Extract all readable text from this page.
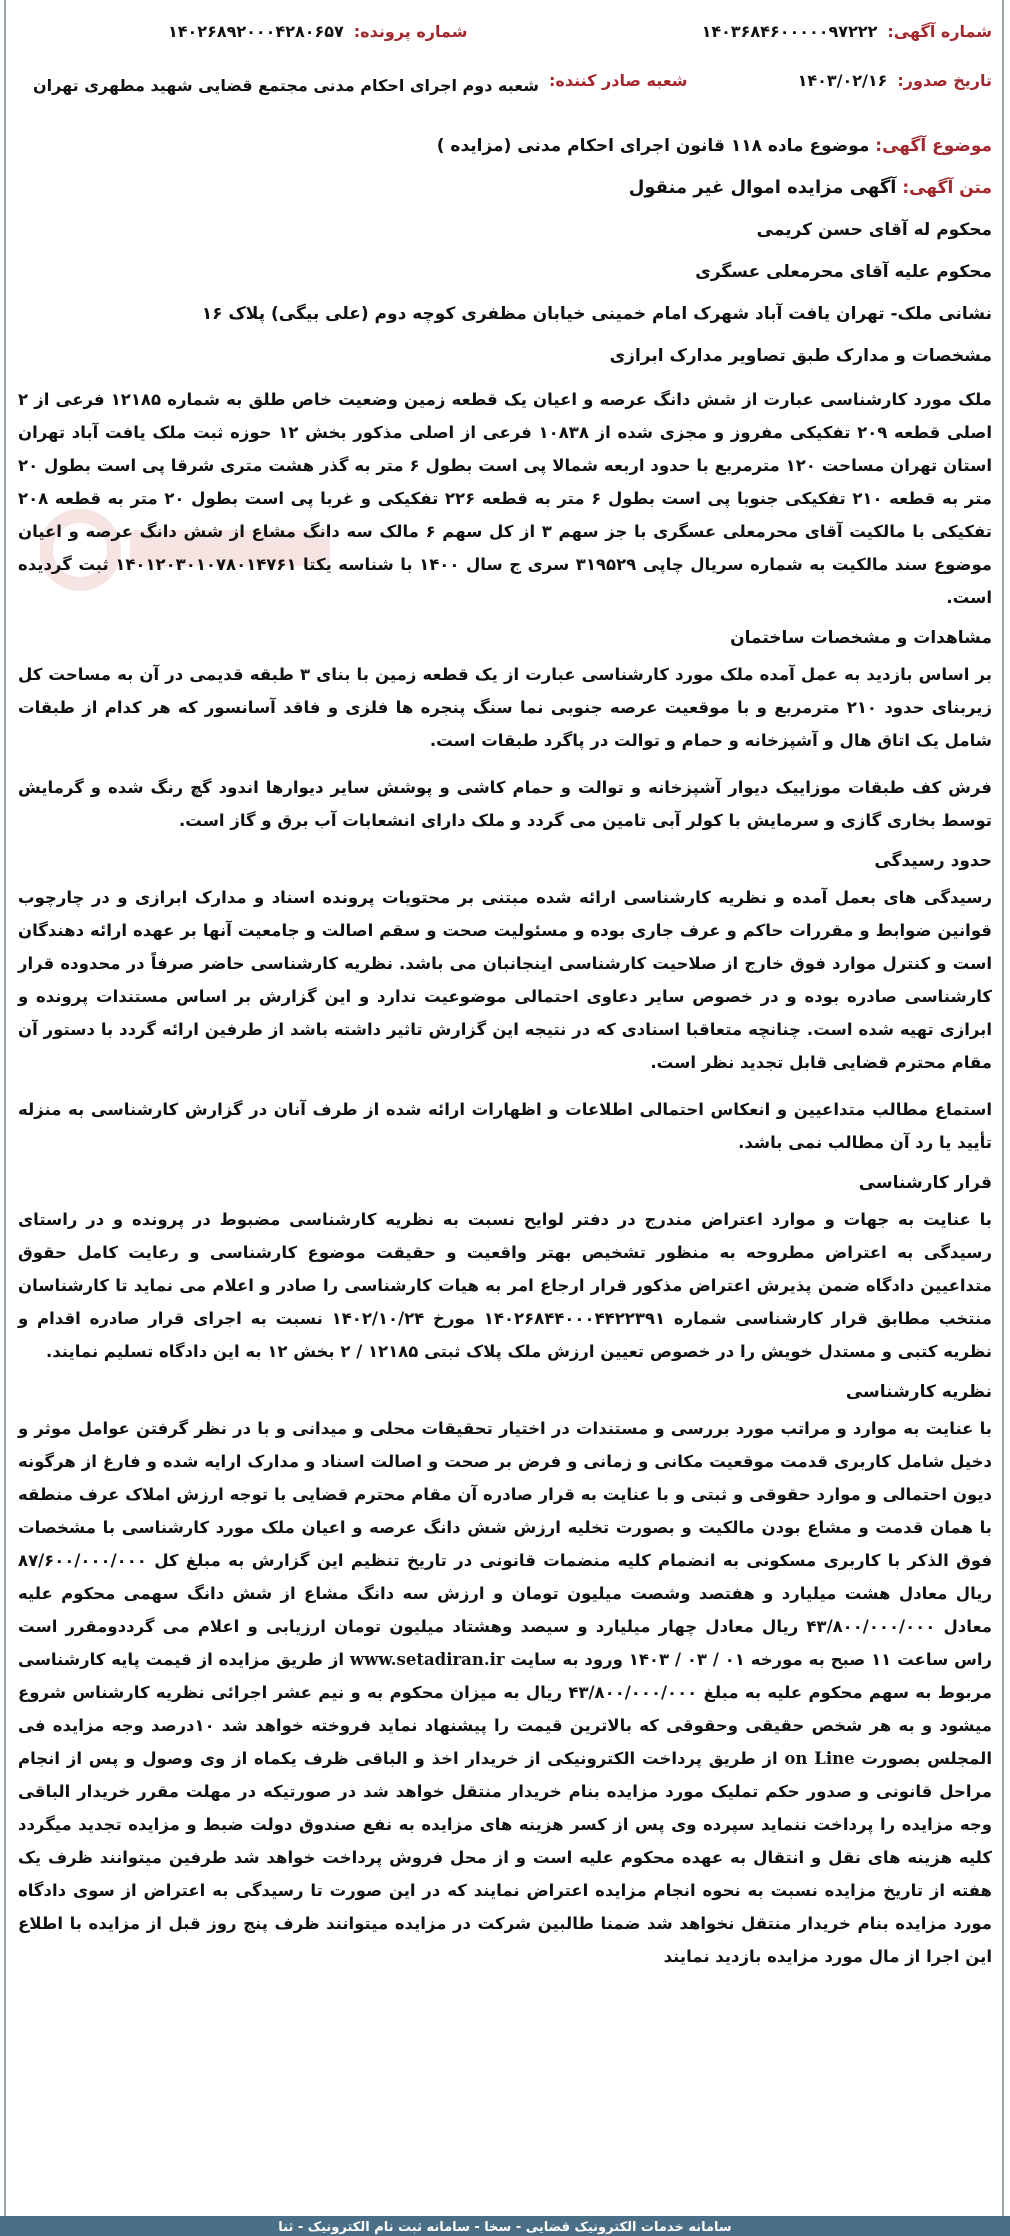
شماره آگهی:
۱۴۰۳۶۸۴۶۰۰۰۰۰۹۷۲۲۲
شماره پرونده:
۱۴۰۲۶۸۹۲۰۰۰۴۲۸۰۶۵۷
تاریخ صدور:
۱۴۰۳/۰۲/۱۶
شعبه صادر کننده:
شعبه دوم اجرای احکام مدنی مجتمع قضایی شهید مطهری تهران
موضوع آگهی: موضوع ماده ۱۱۸ قانون اجرای احکام مدنی (مزایده )
متن آگهی: آگهی مزایده اموال غیر منقول
محکوم له آقای حسن کریمی
محکوم علیه آقای محرمعلی عسگری
نشانی ملک- تهران یافت آباد شهرک امام خمینی خیابان مظفری کوچه دوم (علی بیگی) پلاک ۱۶
مشخصات و مدارک طبق تصاویر مدارک ابرازی
ملک مورد کارشناسی عبارت از شش دانگ عرصه و اعیان یک قطعه زمین وضعیت خاص طلق به شماره ۱۲۱۸۵ فرعی از ۲ اصلی قطعه ۲۰۹ تفکیکی مفروز و مجزی شده از ۱۰۸۳۸ فرعی از اصلی مذکور بخش ۱۲ حوزه ثبت ملک یافت آباد تهران استان تهران مساحت ۱۲۰ مترمربع با حدود اربعه شمالا پی است بطول ۶ متر به گذر هشت متری شرقا پی است بطول ۲۰ متر به قطعه ۲۱۰ تفکیکی جنوبا پی است بطول ۶ متر به قطعه ۲۲۶ تفکیکی و غربا پی است بطول ۲۰ متر به قطعه ۲۰۸ تفکیکی با مالکیت آقای محرمعلی عسگری با جز سهم ۳ از کل سهم ۶ مالک سه دانگ مشاع از شش دانگ عرصه و اعیان موضوع سند مالکیت به شماره سریال چاپی ۳۱۹۵۲۹ سری ج سال ۱۴۰۰ با شناسه یکتا ۱۴۰۱۲۰۳۰۱۰۷۸۰۱۴۷۶۱ ثبت گردیده است.
مشاهدات و مشخصات ساختمان
بر اساس بازدید به عمل آمده ملک مورد کارشناسی عبارت از یک قطعه زمین با بنای ۳ طبقه قدیمی در آن به مساحت کل زیربنای حدود ۲۱۰ مترمربع و با موقعیت عرصه جنوبی نما سنگ پنجره ها فلزی و فاقد آسانسور که هر کدام از طبقات شامل یک اتاق هال و آشپزخانه و حمام و توالت در پاگرد طبقات است.
فرش کف طبقات موزاییک دیوار آشپزخانه و توالت و حمام کاشی و پوشش سایر دیوارها اندود گچ رنگ شده و گرمایش توسط بخاری گازی و سرمایش با کولر آبی تامین می گردد و ملک دارای انشعابات آب برق و گاز است.
حدود رسیدگی
رسیدگی های بعمل آمده و نظریه کارشناسی ارائه شده مبتنی بر محتویات پرونده اسناد و مدارک ابرازی و در چارچوب قوانین ضوابط و مقررات حاکم و عرف جاری بوده و مسئولیت صحت و سقم اصالت و جامعیت آنها بر عهده ارائه دهندگان است و کنترل موارد فوق خارج از صلاحیت کارشناسی اینجانبان می باشد. نظریه کارشناسی حاضر صرفاً در محدوده قرار کارشناسی صادره بوده و در خصوص سایر دعاوی احتمالی موضوعیت ندارد و این گزارش بر اساس مستندات پرونده و ابرازی تهیه شده است. چنانچه متعاقبا اسنادی که در نتیجه این گزارش تاثیر داشته باشد از طرفین ارائه گردد با دستور آن مقام محترم قضایی قابل تجدید نظر است.
استماع مطالب متداعیین و انعکاس احتمالی اطلاعات و اظهارات ارائه شده از طرف آنان در گزارش کارشناسی به منزله تأیید یا رد آن مطالب نمی باشد.
قرار کارشناسی
با عنایت به جهات و موارد اعتراض مندرج در دفتر لوایح نسبت به نظریه کارشناسی مضبوط در پرونده و در راستای رسیدگی به اعتراض مطروحه به منظور تشخیص بهتر واقعیت و حقیقت موضوع کارشناسی و رعایت کامل حقوق متداعیین دادگاه ضمن پذیرش اعتراض مذکور قرار ارجاع امر به هیات کارشناسی را صادر و اعلام می نماید تا کارشناسان منتخب مطابق قرار کارشناسی شماره ۱۴۰۲۶۸۴۴۰۰۰۴۴۲۲۳۹۱ مورخ ۱۴۰۲/۱۰/۲۴ نسبت به اجرای قرار صادره اقدام و نظریه کتبی و مستدل خویش را در خصوص تعیین ارزش ملک پلاک ثبتی ۱۲۱۸۵ / ۲ بخش ۱۲ به این دادگاه تسلیم نمایند.
نظریه کارشناسی
با عنایت به موارد و مراتب مورد بررسی و مستندات در اختیار تحقیقات محلی و میدانی و با در نظر گرفتن عوامل موثر و دخیل شامل کاربری قدمت موقعیت مکانی و زمانی و فرض بر صحت و اصالت اسناد و مدارک ارایه شده و فارغ از هرگونه دیون احتمالی و موارد حقوقی و ثبتی و با عنایت به قرار صادره آن مقام محترم قضایی با توجه ارزش املاک عرف منطقه با همان قدمت و مشاع بودن مالکیت و بصورت تخلیه ارزش شش دانگ عرصه و اعیان ملک مورد کارشناسی با مشخصات فوق الذکر با کاربری مسکونی به انضمام کلیه منضمات قانونی در تاریخ تنظیم این گزارش به مبلغ کل ۸۷/۶۰۰/۰۰۰/۰۰۰ ریال معادل هشت میلیارد و هفتصد وشصت میلیون تومان و ارزش سه دانگ مشاع از شش دانگ سهمی محکوم علیه معادل ۴۳/۸۰۰/۰۰۰/۰۰۰ ریال معادل چهار میلیارد و سیصد وهشتاد میلیون تومان ارزیابی و اعلام می گرددومقرر است راس ساعت ۱۱ صبح به مورخه ۰۱ / ۰۳ / ۱۴۰۳ ورود به سایت www.setadiran.ir از طریق مزایده از قیمت پایه کارشناسی مربوط به سهم محکوم علیه به مبلغ ۴۳/۸۰۰/۰۰۰/۰۰۰ ریال به میزان محکوم به و نیم عشر اجرائی نظریه کارشناس شروع میشود و به هر شخص حقیقی وحقوقی که بالاترین قیمت را پیشنهاد نماید فروخته خواهد شد ۱۰درصد وجه مزایده فی المجلس بصورت on Line از طریق پرداخت الکترونیکی از خریدار اخذ و الباقی ظرف یکماه از وی وصول و پس از انجام مراحل قانونی و صدور حکم تملیک مورد مزایده بنام خریدار منتقل خواهد شد در صورتیکه در مهلت مقرر خریدار الباقی وجه مزایده را پرداخت ننماید سپرده وی پس از کسر هزینه های مزایده به نفع صندوق دولت ضبط و مزایده تجدید میگردد کلیه هزینه های نقل و انتقال به عهده محکوم علیه است و از محل فروش پرداخت خواهد شد طرفین میتوانند ظرف یک هفته از تاریخ مزایده نسبت به نحوه انجام مزایده اعتراض نمایند که در این صورت تا رسیدگی به اعتراض از سوی دادگاه مورد مزایده بنام خریدار منتقل نخواهد شد ضمنا طالبین شرکت در مزایده میتوانند ظرف پنج روز قبل از مزایده با اطلاع این اجرا از مال مورد مزایده بازدید نمایند
سامانه خدمات الکترونیک قضایی - سخا - سامانه ثبت نام الکترونیک - ثنا
